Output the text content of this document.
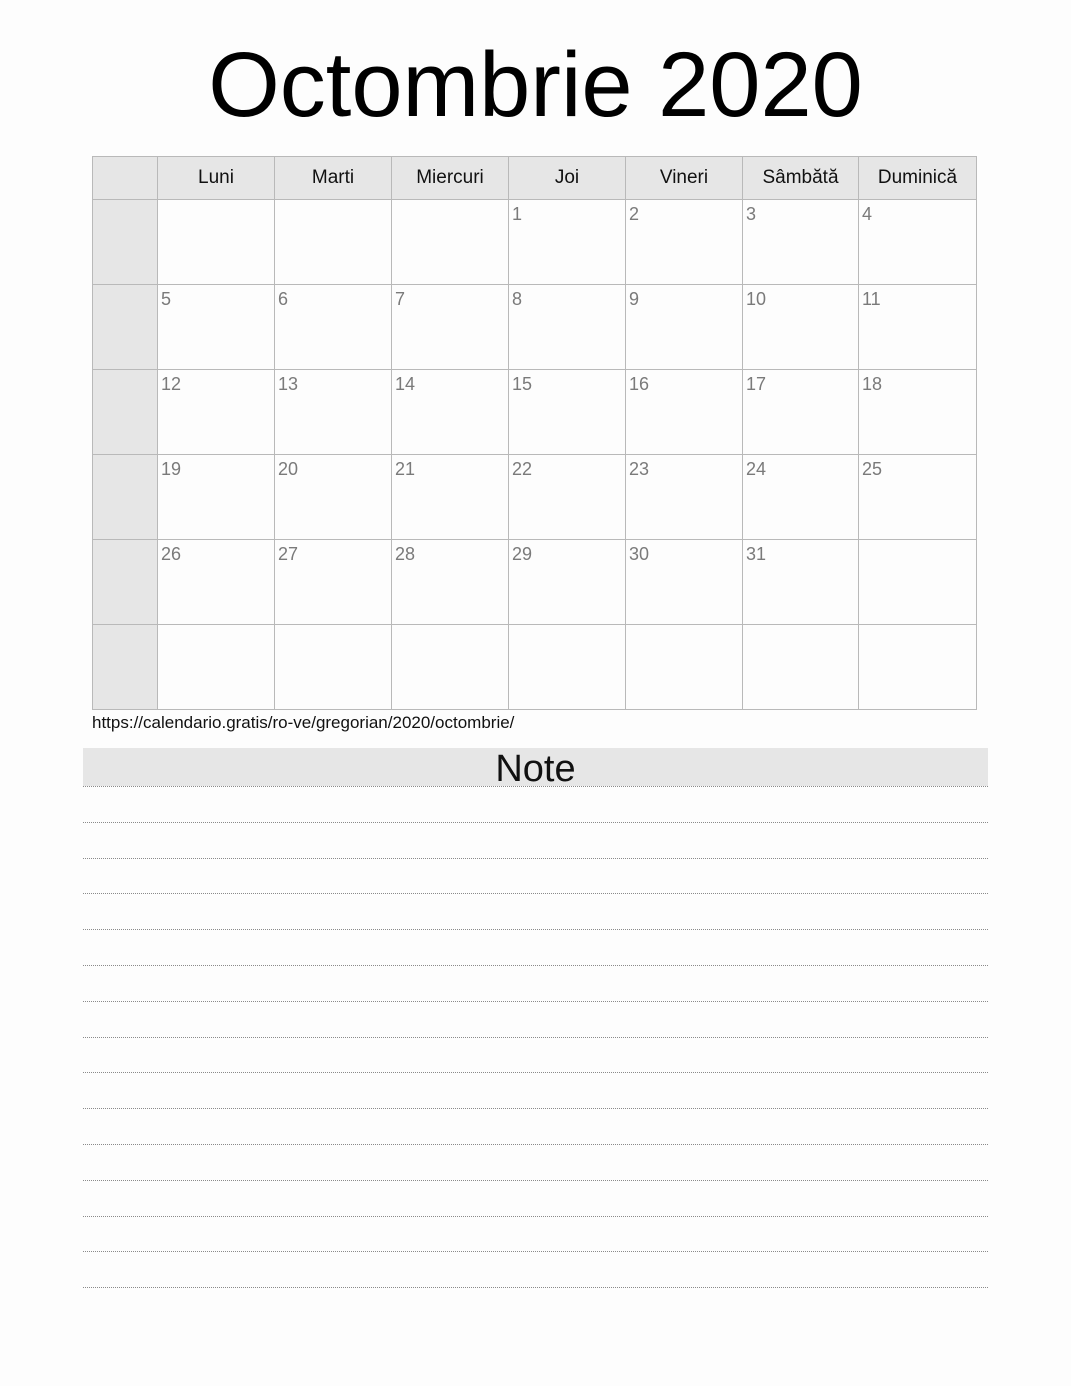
Octombrie 2020
	Luni	Marti	Miercuri	Joi	Vineri	Sâmbătă	Duminică

				1	2	3	4

	5	6	7	8	9	10	11

	12	13	14	15	16	17	18

	19	20	21	22	23	24	25

	26	27	28	29	30	31	

https://calendario.gratis/ro-ve/gregorian/2020/octombrie/
Note
